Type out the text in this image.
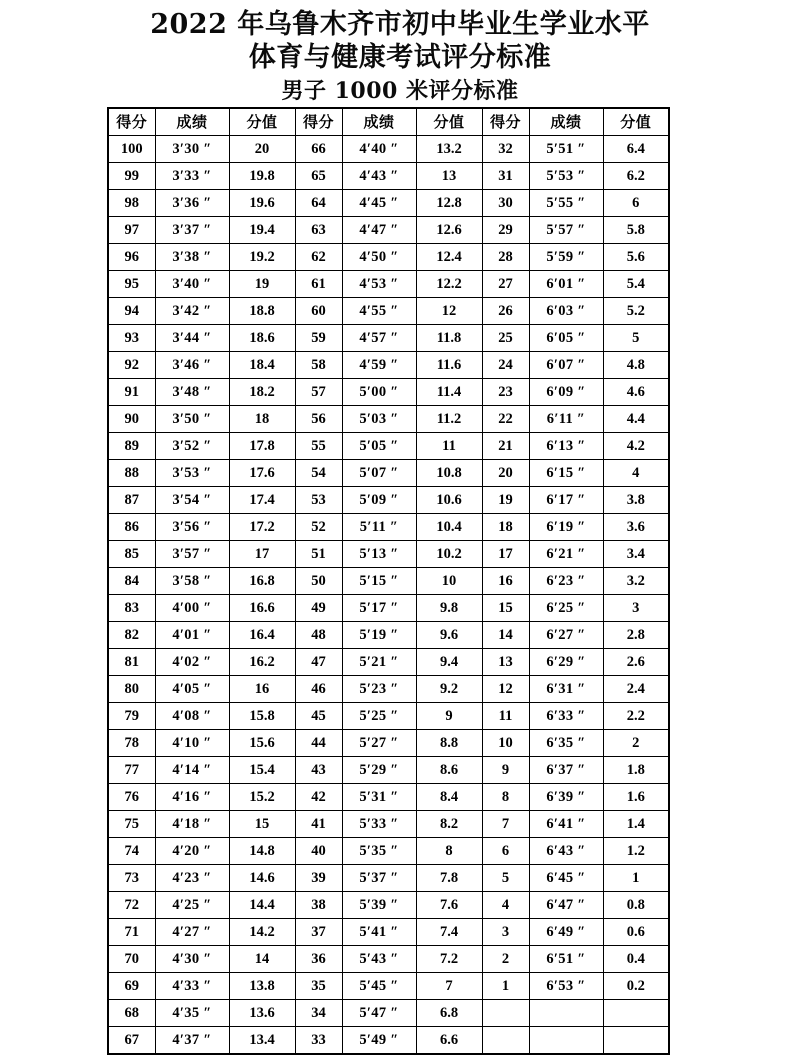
2022 年乌鲁木齐市初中毕业生学业水平
体育与健康考试评分标准
男子 1000 米评分标准
得分	成绩	分值	得分	成绩	分值	得分	成绩	分值
100	3′30 ″	20	66	4′40 ″	13.2	32	5′51 ″	6.4
99	3′33 ″	19.8	65	4′43 ″	13	31	5′53 ″	6.2
98	3′36 ″	19.6	64	4′45 ″	12.8	30	5′55 ″	6
97	3′37 ″	19.4	63	4′47 ″	12.6	29	5′57 ″	5.8
96	3′38 ″	19.2	62	4′50 ″	12.4	28	5′59 ″	5.6
95	3′40 ″	19	61	4′53 ″	12.2	27	6′01 ″	5.4
94	3′42 ″	18.8	60	4′55 ″	12	26	6′03 ″	5.2
93	3′44 ″	18.6	59	4′57 ″	11.8	25	6′05 ″	5
92	3′46 ″	18.4	58	4′59 ″	11.6	24	6′07 ″	4.8
91	3′48 ″	18.2	57	5′00 ″	11.4	23	6′09 ″	4.6
90	3′50 ″	18	56	5′03 ″	11.2	22	6′11 ″	4.4
89	3′52 ″	17.8	55	5′05 ″	11	21	6′13 ″	4.2
88	3′53 ″	17.6	54	5′07 ″	10.8	20	6′15 ″	4
87	3′54 ″	17.4	53	5′09 ″	10.6	19	6′17 ″	3.8
86	3′56 ″	17.2	52	5′11 ″	10.4	18	6′19 ″	3.6
85	3′57 ″	17	51	5′13 ″	10.2	17	6′21 ″	3.4
84	3′58 ″	16.8	50	5′15 ″	10	16	6′23 ″	3.2
83	4′00 ″	16.6	49	5′17 ″	9.8	15	6′25 ″	3
82	4′01 ″	16.4	48	5′19 ″	9.6	14	6′27 ″	2.8
81	4′02 ″	16.2	47	5′21 ″	9.4	13	6′29 ″	2.6
80	4′05 ″	16	46	5′23 ″	9.2	12	6′31 ″	2.4
79	4′08 ″	15.8	45	5′25 ″	9	11	6′33 ″	2.2
78	4′10 ″	15.6	44	5′27 ″	8.8	10	6′35 ″	2
77	4′14 ″	15.4	43	5′29 ″	8.6	9	6′37 ″	1.8
76	4′16 ″	15.2	42	5′31 ″	8.4	8	6′39 ″	1.6
75	4′18 ″	15	41	5′33 ″	8.2	7	6′41 ″	1.4
74	4′20 ″	14.8	40	5′35 ″	8	6	6′43 ″	1.2
73	4′23 ″	14.6	39	5′37 ″	7.8	5	6′45 ″	1
72	4′25 ″	14.4	38	5′39 ″	7.6	4	6′47 ″	0.8
71	4′27 ″	14.2	37	5′41 ″	7.4	3	6′49 ″	0.6
70	4′30 ″	14	36	5′43 ″	7.2	2	6′51 ″	0.4
69	4′33 ″	13.8	35	5′45 ″	7	1	6′53 ″	0.2
68	4′35 ″	13.6	34	5′47 ″	6.8			
67	4′37 ″	13.4	33	5′49 ″	6.6			
